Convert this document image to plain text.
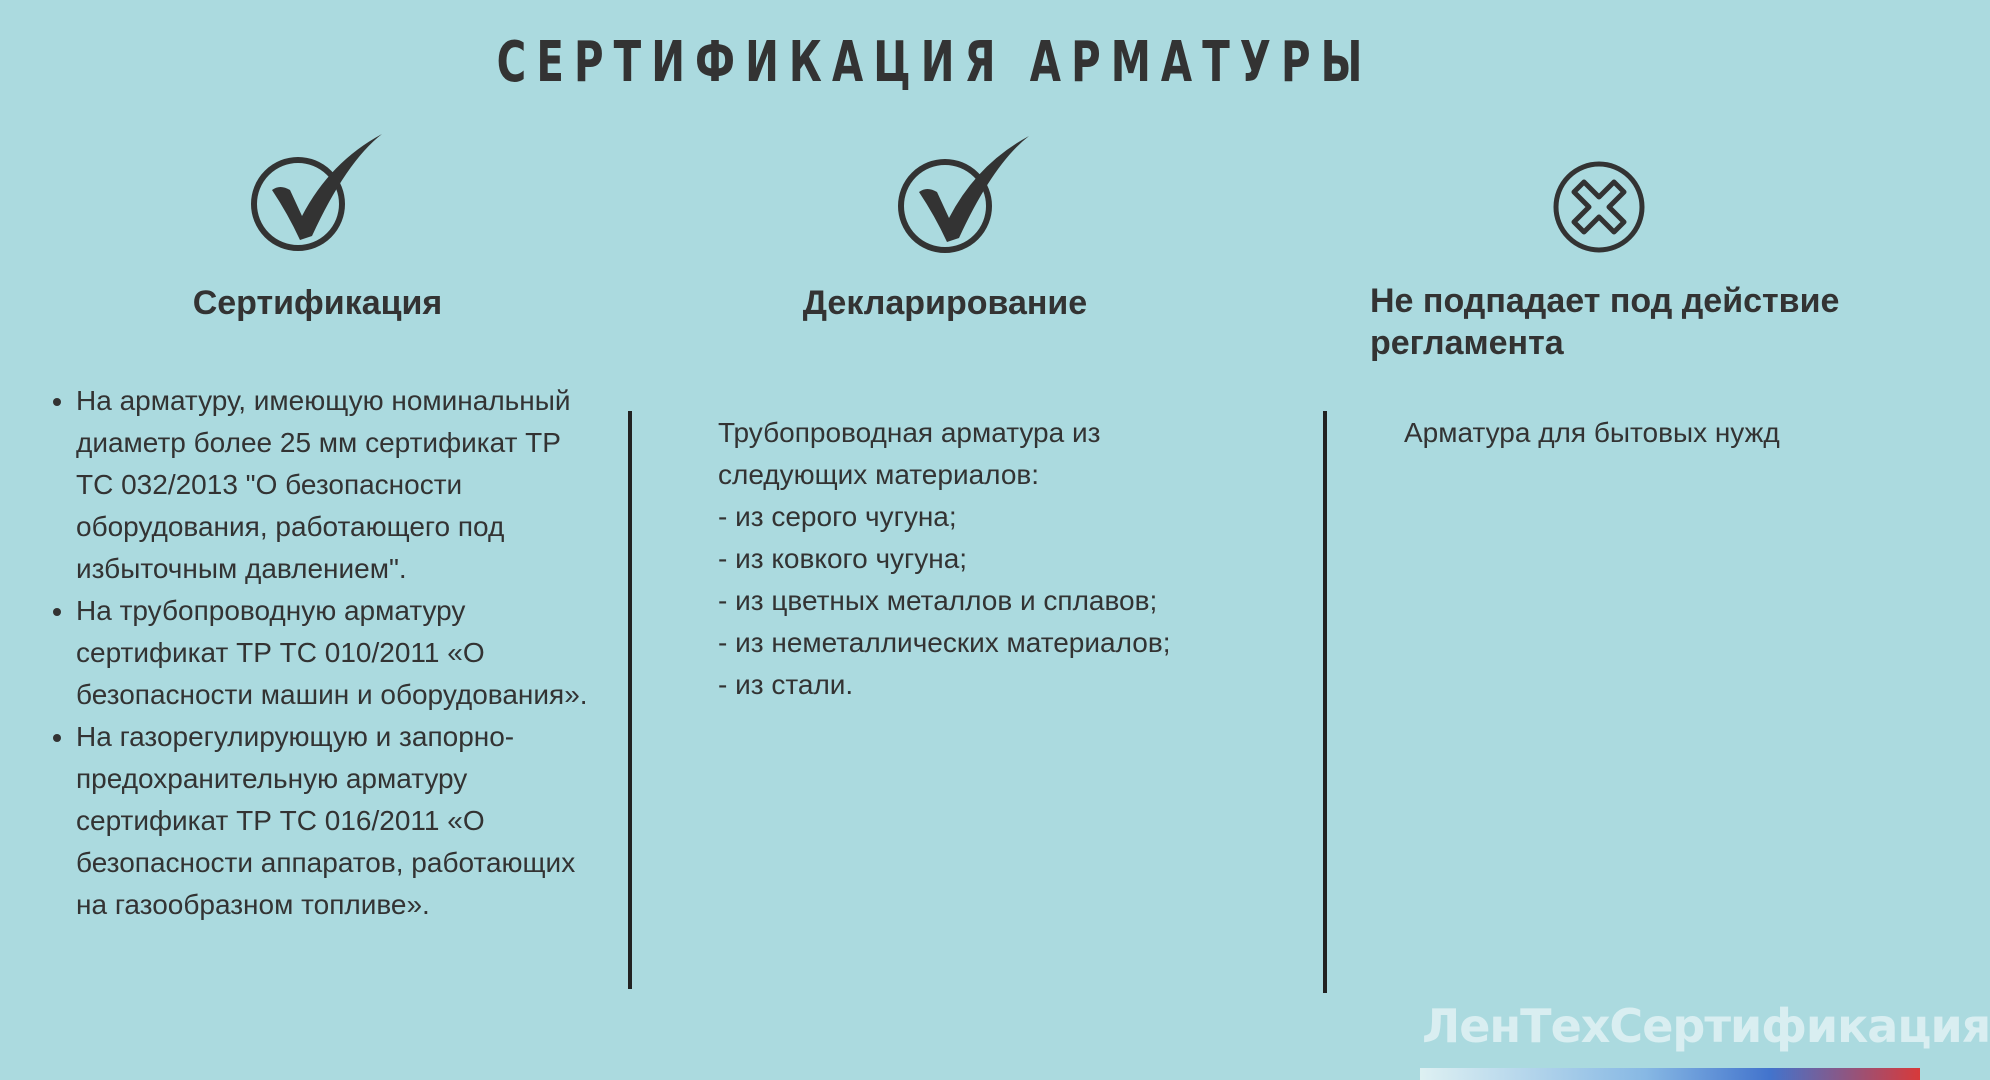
СЕРТИФИКАЦИЯ АРМАТУРЫ
Сертификация	Декларирование	Не подпадает под действие регламента
• На арматуру, имеющую номинальный диаметр более 25 мм сертификат ТР ТС 032/2013 "О безопасности оборудования, работающего под избыточным давлением".
• На трубопроводную арматуру сертификат ТР ТС 010/2011 «О безопасности машин и оборудования».
• На газорегулирующую и запорно-предохранительную арматуру сертификат ТР ТС 016/2011 «О безопасности аппаратов, работающих на газообразном топливе».
Трубопроводная арматура из
следующих материалов:
- из серого чугуна;
- из ковкого чугуна;
- из цветных металлов и сплавов;
- из неметаллических материалов;
- из стали.
Арматура для бытовых нужд
ЛенТехСертификация
